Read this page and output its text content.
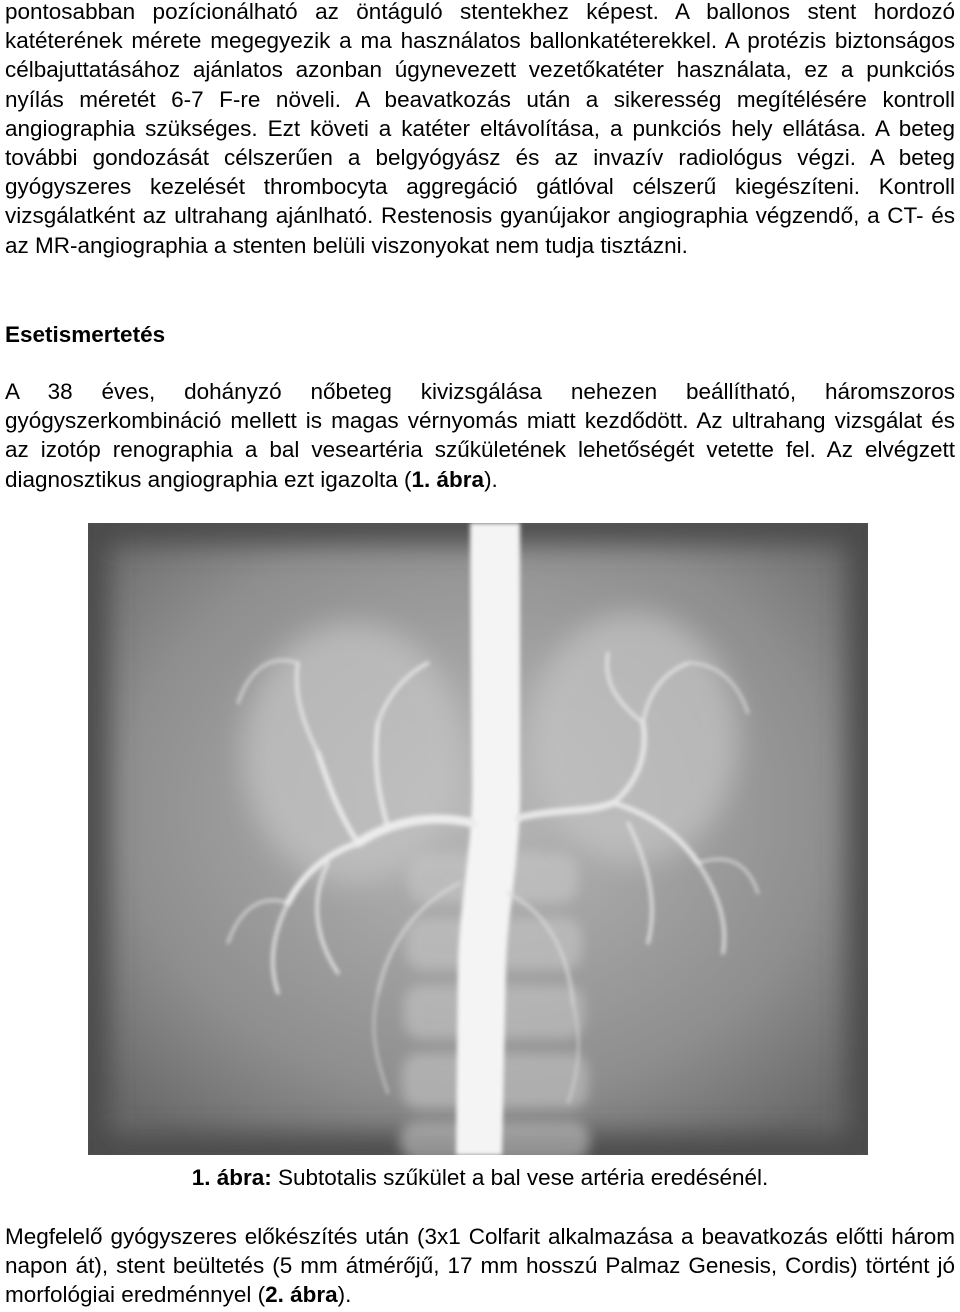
pontosabban pozícionálható az öntáguló stentekhez képest. A ballonos stent hordozó katéterének mérete megegyezik a ma használatos ballonkatéterekkel. A protézis biztonságos célbajuttatásához ajánlatos azonban úgynevezett vezetőkatéter használata, ez a punkciós nyílás méretét 6-7 F-re növeli. A beavatkozás után a sikeresség megítélésére kontroll angiographia szükséges. Ezt követi a katéter eltávolítása, a punkciós hely ellátása. A beteg további gondozását célszerűen a belgyógyász és az invazív radiológus végzi. A beteg gyógyszeres kezelését thrombocyta aggregáció gátlóval célszerű kiegészíteni. Kontroll vizsgálatként az ultrahang ajánlható. Restenosis gyanújakor angiographia végzendő, a CT- és az MR-angiographia a stenten belüli viszonyokat nem tudja tisztázni.

Esetismertetés

A 38 éves, dohányzó nőbeteg kivizsgálása nehezen beállítható, háromszoros gyógyszerkombináció mellett is magas vérnyomás miatt kezdődött. Az ultrahang vizsgálat és az izotóp renographia a bal veseartéria szűkületének lehetőségét vetette fel. Az elvégzett diagnosztikus angiographia ezt igazolta (1. ábra).

1. ábra: Subtotalis szűkület a bal vese artéria eredésénél.

Megfelelő gyógyszeres előkészítés után (3x1 Colfarit alkalmazása a beavatkozás előtti három napon át), stent beültetés (5 mm átmérőjű, 17 mm hosszú Palmaz Genesis, Cordis) történt jó morfológiai eredménnyel (2. ábra).
